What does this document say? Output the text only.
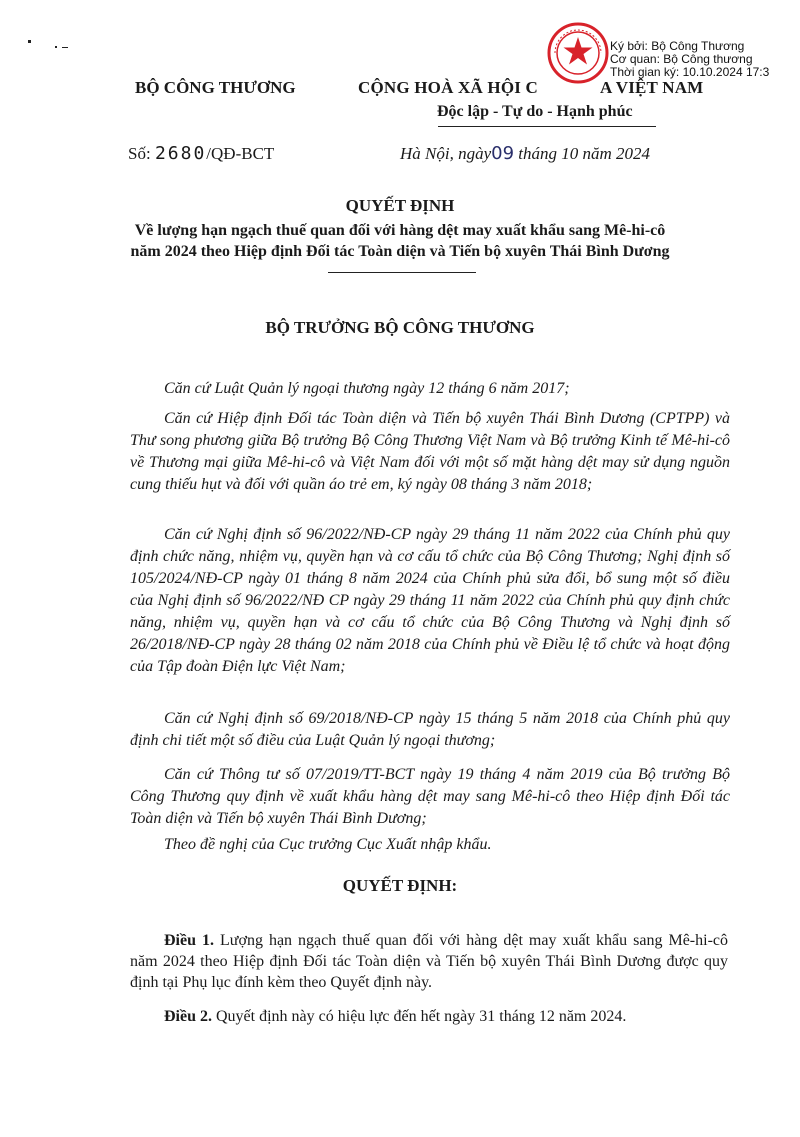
Ký bởi: Bộ Công Thương
Cơ quan: Bộ Công thương
Thời gian ký: 10.10.2024 17:3
BỘ CÔNG THƯƠNG	CỘNG HOÀ XÃ HỘI C	A VIỆT NAM
Độc lập - Tự do - Hạnh phúc
Số: 2680/QĐ-BCT	Hà Nội, ngày09 tháng 10 năm 2024
QUYẾT ĐỊNH
Về lượng hạn ngạch thuế quan đối với hàng dệt may xuất khẩu sang Mê-hi-cô
năm 2024 theo Hiệp định Đối tác Toàn diện và Tiến bộ xuyên Thái Bình Dương
BỘ TRƯỞNG BỘ CÔNG THƯƠNG

Căn cứ Luật Quản lý ngoại thương ngày 12 tháng 6 năm 2017;

Căn cứ Hiệp định Đối tác Toàn diện và Tiến bộ xuyên Thái Bình Dương (CPTPP) và Thư song phương giữa Bộ trưởng Bộ Công Thương Việt Nam và Bộ trưởng Kinh tế Mê-hi-cô về Thương mại giữa Mê-hi-cô và Việt Nam đối với một số mặt hàng dệt may sử dụng nguồn cung thiếu hụt và đối với quần áo trẻ em, ký ngày 08 tháng 3 năm 2018;

Căn cứ Nghị định số 96/2022/NĐ-CP ngày 29 tháng 11 năm 2022 của Chính phủ quy định chức năng, nhiệm vụ, quyền hạn và cơ cấu tổ chức của Bộ Công Thương; Nghị định số 105/2024/NĐ-CP ngày 01 tháng 8 năm 2024 của Chính phủ sửa đổi, bổ sung một số điều của Nghị định số 96/2022/NĐ CP ngày 29 tháng 11 năm 2022 của Chính phủ quy định chức năng, nhiệm vụ, quyền hạn và cơ cấu tổ chức của Bộ Công Thương và Nghị định số 26/2018/NĐ-CP ngày 28 tháng 02 năm 2018 của Chính phủ về Điều lệ tổ chức và hoạt động của Tập đoàn Điện lực Việt Nam;

Căn cứ Nghị định số 69/2018/NĐ-CP ngày 15 tháng 5 năm 2018 của Chính phủ quy định chi tiết một số điều của Luật Quản lý ngoại thương;

Căn cứ Thông tư số 07/2019/TT-BCT ngày 19 tháng 4 năm 2019 của Bộ trưởng Bộ Công Thương quy định về xuất khẩu hàng dệt may sang Mê-hi-cô theo Hiệp định Đối tác Toàn diện và Tiến bộ xuyên Thái Bình Dương;

Theo đề nghị của Cục trưởng Cục Xuất nhập khẩu.

QUYẾT ĐỊNH:

Điều 1. Lượng hạn ngạch thuế quan đối với hàng dệt may xuất khẩu sang Mê-hi-cô năm 2024 theo Hiệp định Đối tác Toàn diện và Tiến bộ xuyên Thái Bình Dương được quy định tại Phụ lục đính kèm theo Quyết định này.

Điều 2. Quyết định này có hiệu lực đến hết ngày 31 tháng 12 năm 2024.
